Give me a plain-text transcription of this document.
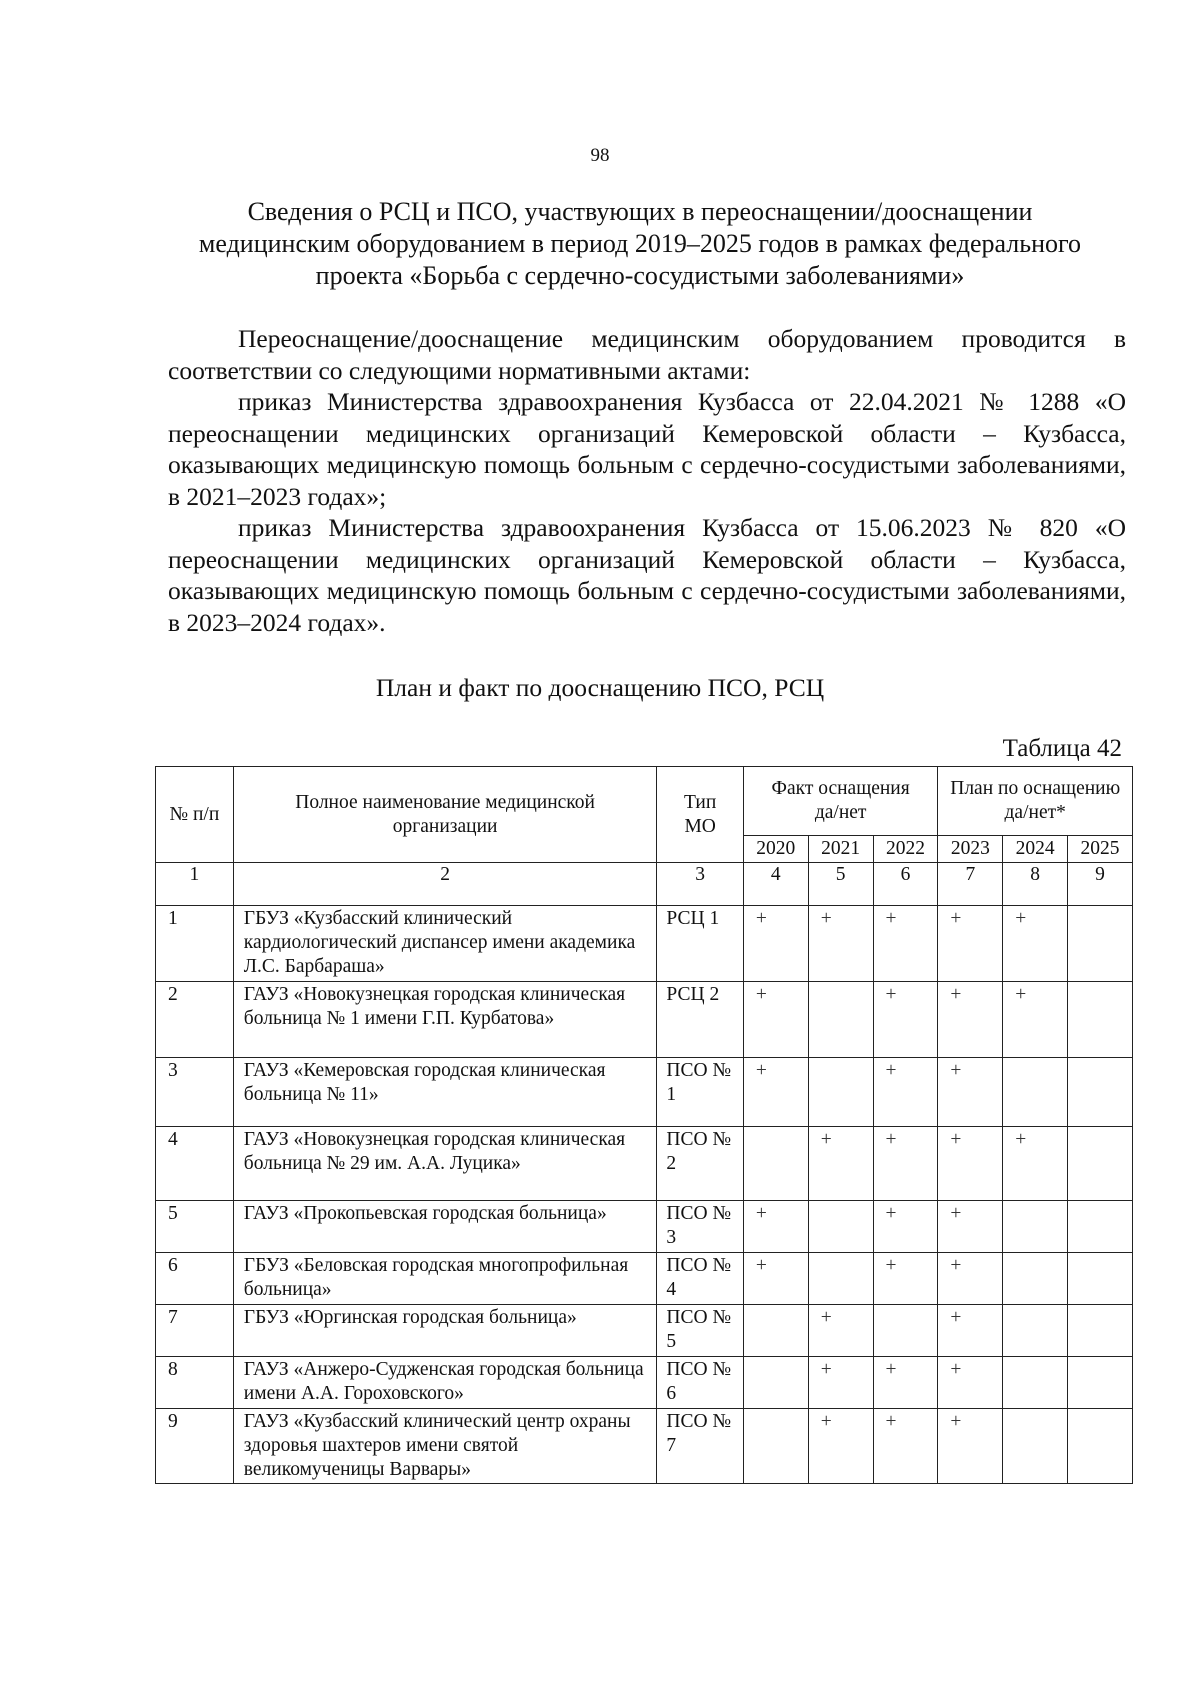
98
Сведения о РСЦ и ПСО, участвующих в переоснащении/дооснащении
медицинским оборудованием в период 2019–2025 годов в рамках федерального
проекта «Борьба с сердечно-сосудистыми заболеваниями»

Переоснащение/дооснащение медицинским оборудованием проводится в соответствии со следующими нормативными актами:

приказ Министерства здравоохранения Кузбасса от 22.04.2021 № 1288 «О переоснащении медицинских организаций Кемеровской области – Кузбасса, оказывающих медицинскую помощь больным с сердечно-сосудистыми заболеваниями, в 2021–2023 годах»;

приказ Министерства здравоохранения Кузбасса от 15.06.2023 № 820 «О переоснащении медицинских организаций Кемеровской области – Кузбасса, оказывающих медицинскую помощь больным с сердечно-сосудистыми заболеваниями, в 2023–2024 годах».

План и факт по дооснащению ПСО, РСЦ
Таблица 42
№ п/п	Полное наименование медицинской организации	Тип МО	Факт оснащения да/нет			План по оснащению да/нет*		
			2020	2021	2022	2023	2024	2025
1	2	3	4	5	6	7	8	9
1	ГБУЗ «Кузбасский клинический кардиологический диспансер имени академика Л.С. Барбараша»	РСЦ 1	+	+	+	+	+	
2	ГАУЗ «Новокузнецкая городская клиническая больница № 1 имени Г.П. Курбатова»	РСЦ 2	+		+	+	+	
3	ГАУЗ «Кемеровская городская клиническая больница № 11»	ПСО № 1	+		+	+		
4	ГАУЗ «Новокузнецкая городская клиническая больница № 29 им. А.А. Луцика»	ПСО № 2		+	+	+	+	
5	ГАУЗ «Прокопьевская городская больница»	ПСО № 3	+		+	+		
6	ГБУЗ «Беловская городская многопрофильная больница»	ПСО № 4	+		+	+		
7	ГБУЗ «Юргинская городская больница»	ПСО № 5		+		+		
8	ГАУЗ «Анжеро-Судженская городская больница имени А.А. Гороховского»	ПСО № 6		+	+	+		
9	ГАУЗ «Кузбасский клинический центр охраны здоровья шахтеров имени святой великомученицы Варвары»	ПСО № 7		+	+	+		
